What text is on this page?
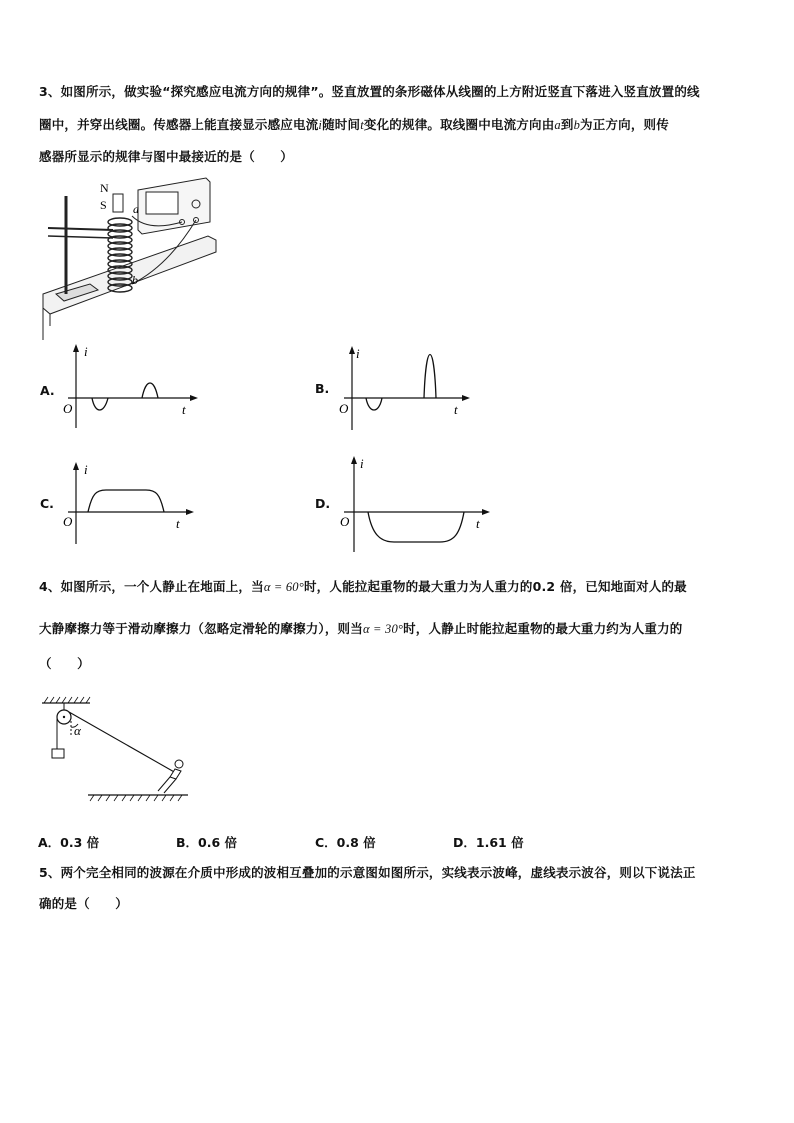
3、如图所示，做实验“探究感应电流方向的规律”。竖直放置的条形磁体从线圈的上方附近竖直下落进入竖直放置的线
圈中，并穿出线圈。传感器上能直接显示感应电流i随时间t变化的规律。取线圈中电流方向由a到b为正方向，则传
感器所显示的规律与图中最接近的是（　　）
N
S a
b
A.
i
t
O
B.
i
t
O
C.
i
t
O
D.
i
t
O
4、如图所示，一个人静止在地面上，当α = 60°时，人能拉起重物的最大重力为人重力的0.2 倍，已知地面对人的最
大静摩擦力等于滑动摩擦力（忽略定滑轮的摩擦力），则当α = 30°时，人静止时能拉起重物的最大重力约为人重力的
（　　）
α
A．0.3 倍	B．0.6 倍	C．0.8 倍	D．1.61 倍
5、两个完全相同的波源在介质中形成的波相互叠加的示意图如图所示，实线表示波峰，虚线表示波谷，则以下说法正
确的是（　　）
